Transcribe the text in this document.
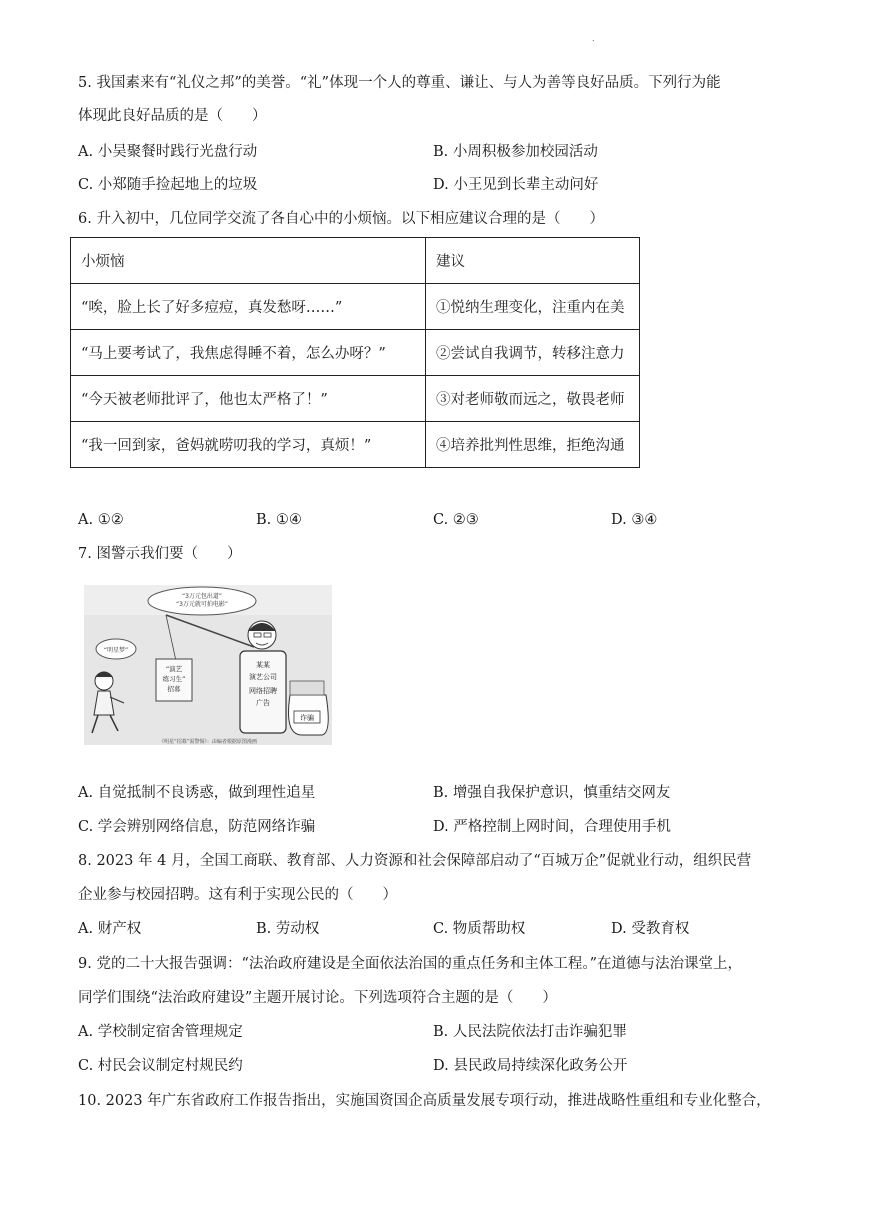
.
5. 我国素来有“礼仪之邦”的美誉。“礼”体现一个人的尊重、谦让、与人为善等良好品质。下列行为能
体现此良好品质的是（　　）
A. 小吴聚餐时践行光盘行动	B. 小周积极参加校园活动
C. 小郑随手捡起地上的垃圾	D. 小王见到长辈主动问好
6. 升入初中，几位同学交流了各自心中的小烦恼。以下相应建议合理的是（　　）
小烦恼	建议
“唉，脸上长了好多痘痘，真发愁呀……”	①悦纳生理变化，注重内在美
“马上要考试了，我焦虑得睡不着，怎么办呀？”	②尝试自我调节，转移注意力
“今天被老师批评了，他也太严格了！”	③对老师敬而远之，敬畏老师
“我一回到家，爸妈就唠叨我的学习，真烦！”	④培养批判性思维，拒绝沟通
A. ①②	B. ①④	C. ②③	D. ③④
7. 图警示我们要（　　）
“3万元包出道”
“3万元就可拍电影”
“明星梦”
“演艺
练习生”
招募
某某
演艺公司
网络招聘
广告
诈骗
《明星“招募”需警惕》：由编者根据原图漫画
A. 自觉抵制不良诱惑，做到理性追星	B. 增强自我保护意识，慎重结交网友
C. 学会辨别网络信息，防范网络诈骗	D. 严格控制上网时间，合理使用手机
8. 2023 年 4 月，全国工商联、教育部、人力资源和社会保障部启动了“百城万企”促就业行动，组织民营
企业参与校园招聘。这有利于实现公民的（　　）
A. 财产权	B. 劳动权	C. 物质帮助权	D. 受教育权
9. 党的二十大报告强调：“法治政府建设是全面依法治国的重点任务和主体工程。”在道德与法治课堂上，
同学们围绕“法治政府建设”主题开展讨论。下列选项符合主题的是（　　）
A. 学校制定宿舍管理规定	B. 人民法院依法打击诈骗犯罪
C. 村民会议制定村规民约	D. 县民政局持续深化政务公开
10. 2023 年广东省政府工作报告指出，实施国资国企高质量发展专项行动，推进战略性重组和专业化整合，
